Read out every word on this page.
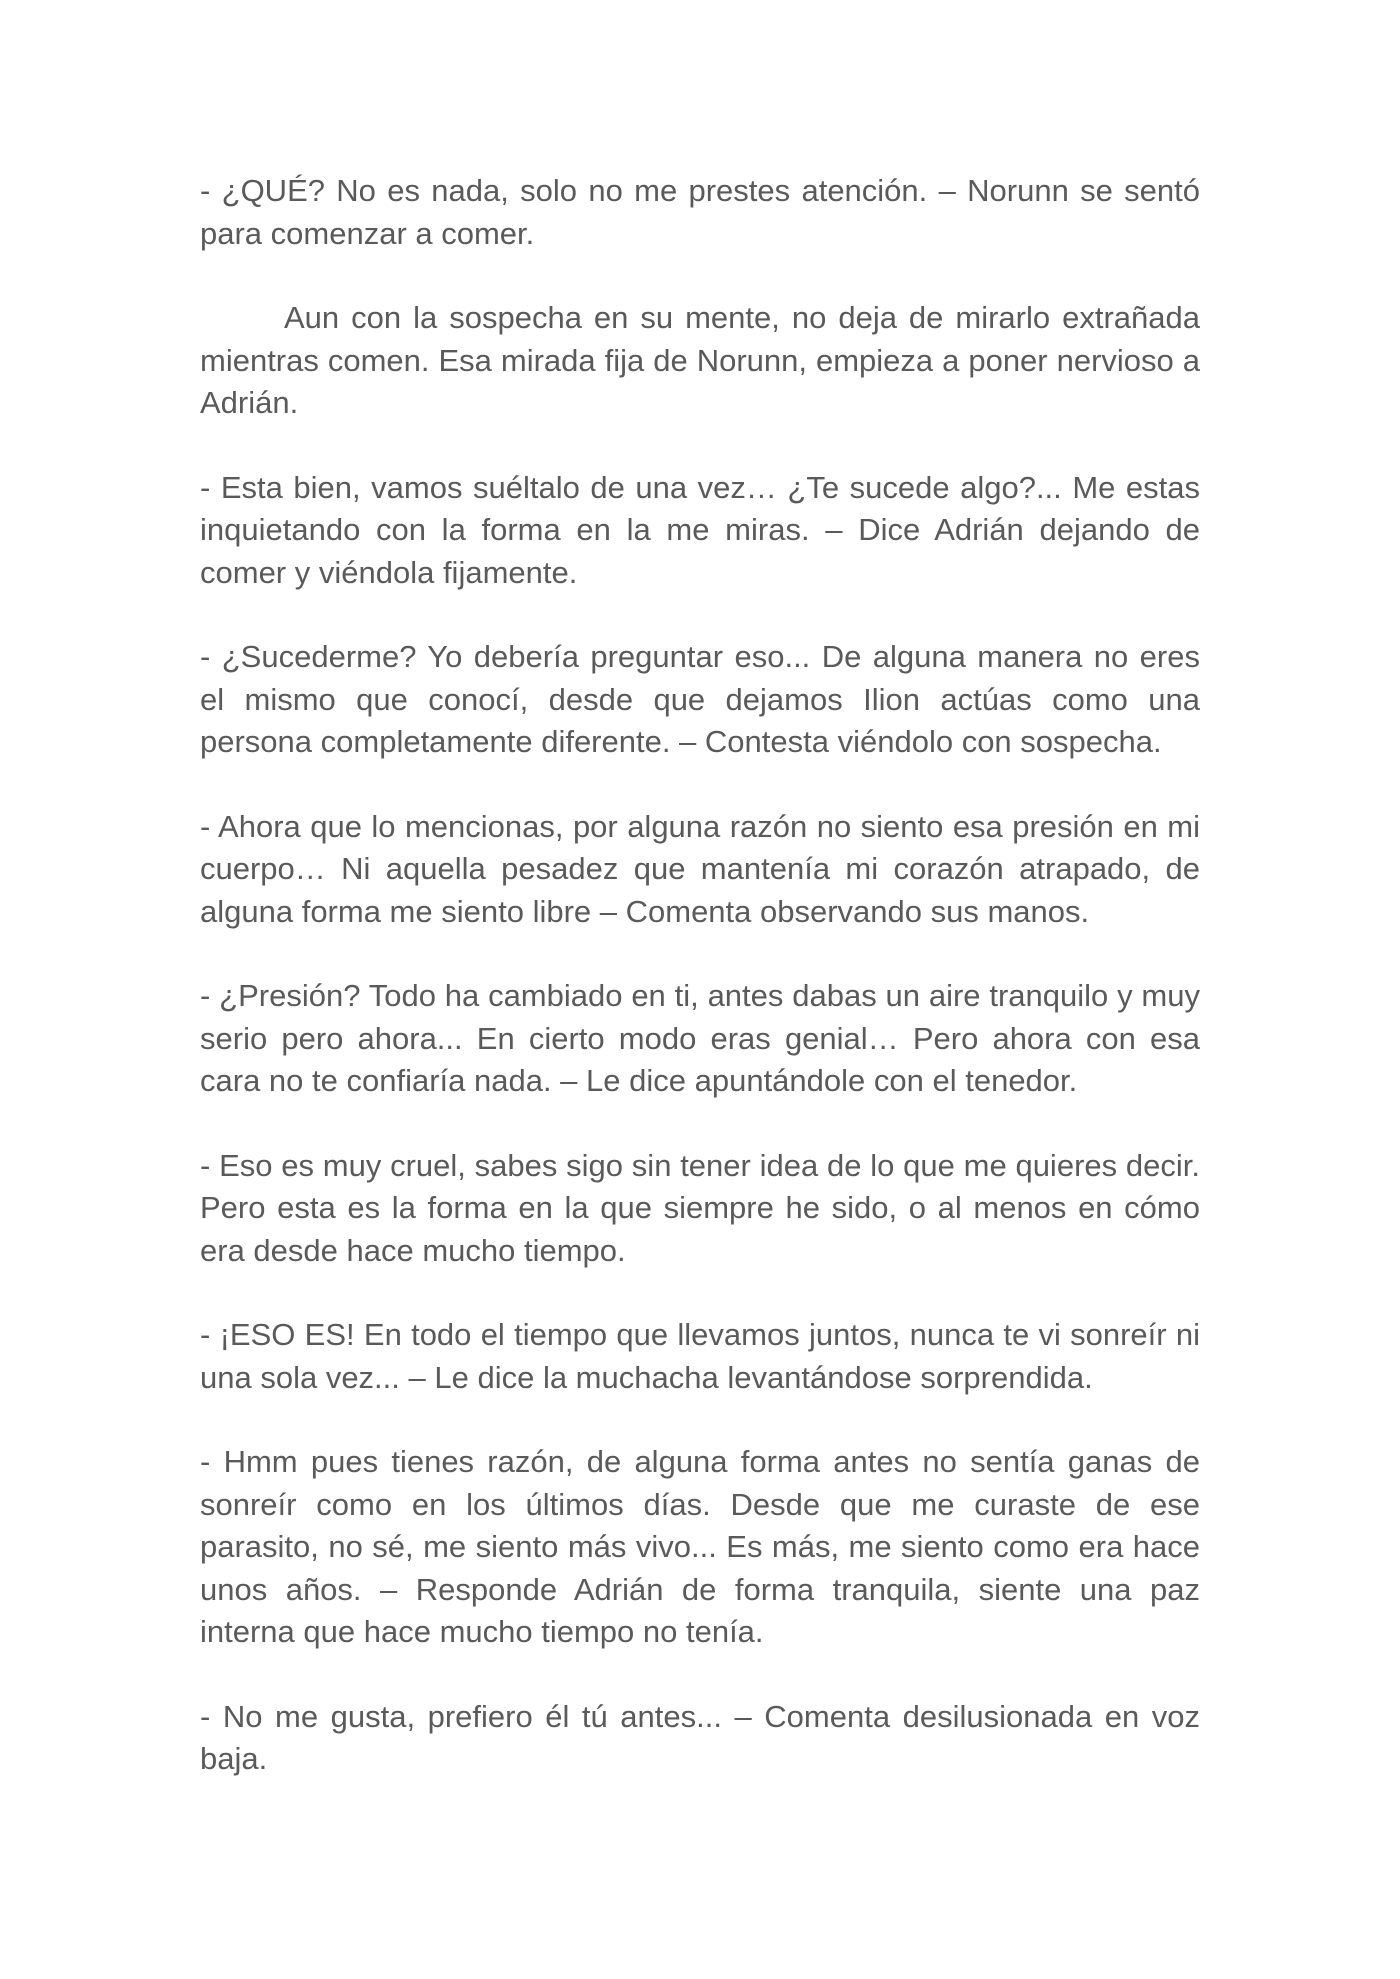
- ¿QUÉ? No es nada, solo no me prestes atención. – Norunn se sentó para comenzar a comer.

Aun con la sospecha en su mente, no deja de mirarlo extrañada mientras comen. Esa mirada fija de Norunn, empieza a poner nervioso a Adrián.

- Esta bien, vamos suéltalo de una vez… ¿Te sucede algo?... Me estas inquietando con la forma en la me miras. – Dice Adrián dejando de comer y viéndola fijamente.

- ¿Sucederme? Yo debería preguntar eso... De alguna manera no eres el mismo que conocí, desde que dejamos Ilion actúas como una persona completamente diferente. – Contesta viéndolo con sospecha.

- Ahora que lo mencionas, por alguna razón no siento esa presión en mi cuerpo… Ni aquella pesadez que mantenía mi corazón atrapado, de alguna forma me siento libre – Comenta observando sus manos.

- ¿Presión? Todo ha cambiado en ti, antes dabas un aire tranquilo y muy serio pero ahora... En cierto modo eras genial… Pero ahora con esa cara no te confiaría nada. – Le dice apuntándole con el tenedor.

- Eso es muy cruel, sabes sigo sin tener idea de lo que me quieres decir. Pero esta es la forma en la que siempre he sido, o al menos en cómo era desde hace mucho tiempo.

- ¡ESO ES! En todo el tiempo que llevamos juntos, nunca te vi sonreír ni una sola vez... – Le dice la muchacha levantándose sorprendida.

- Hmm pues tienes razón, de alguna forma antes no sentía ganas de sonreír como en los últimos días. Desde que me curaste de ese parasito, no sé, me siento más vivo... Es más, me siento como era hace unos años. – Responde Adrián de forma tranquila, siente una paz interna que hace mucho tiempo no tenía.

- No me gusta, prefiero él tú antes... – Comenta desilusionada en voz baja.
